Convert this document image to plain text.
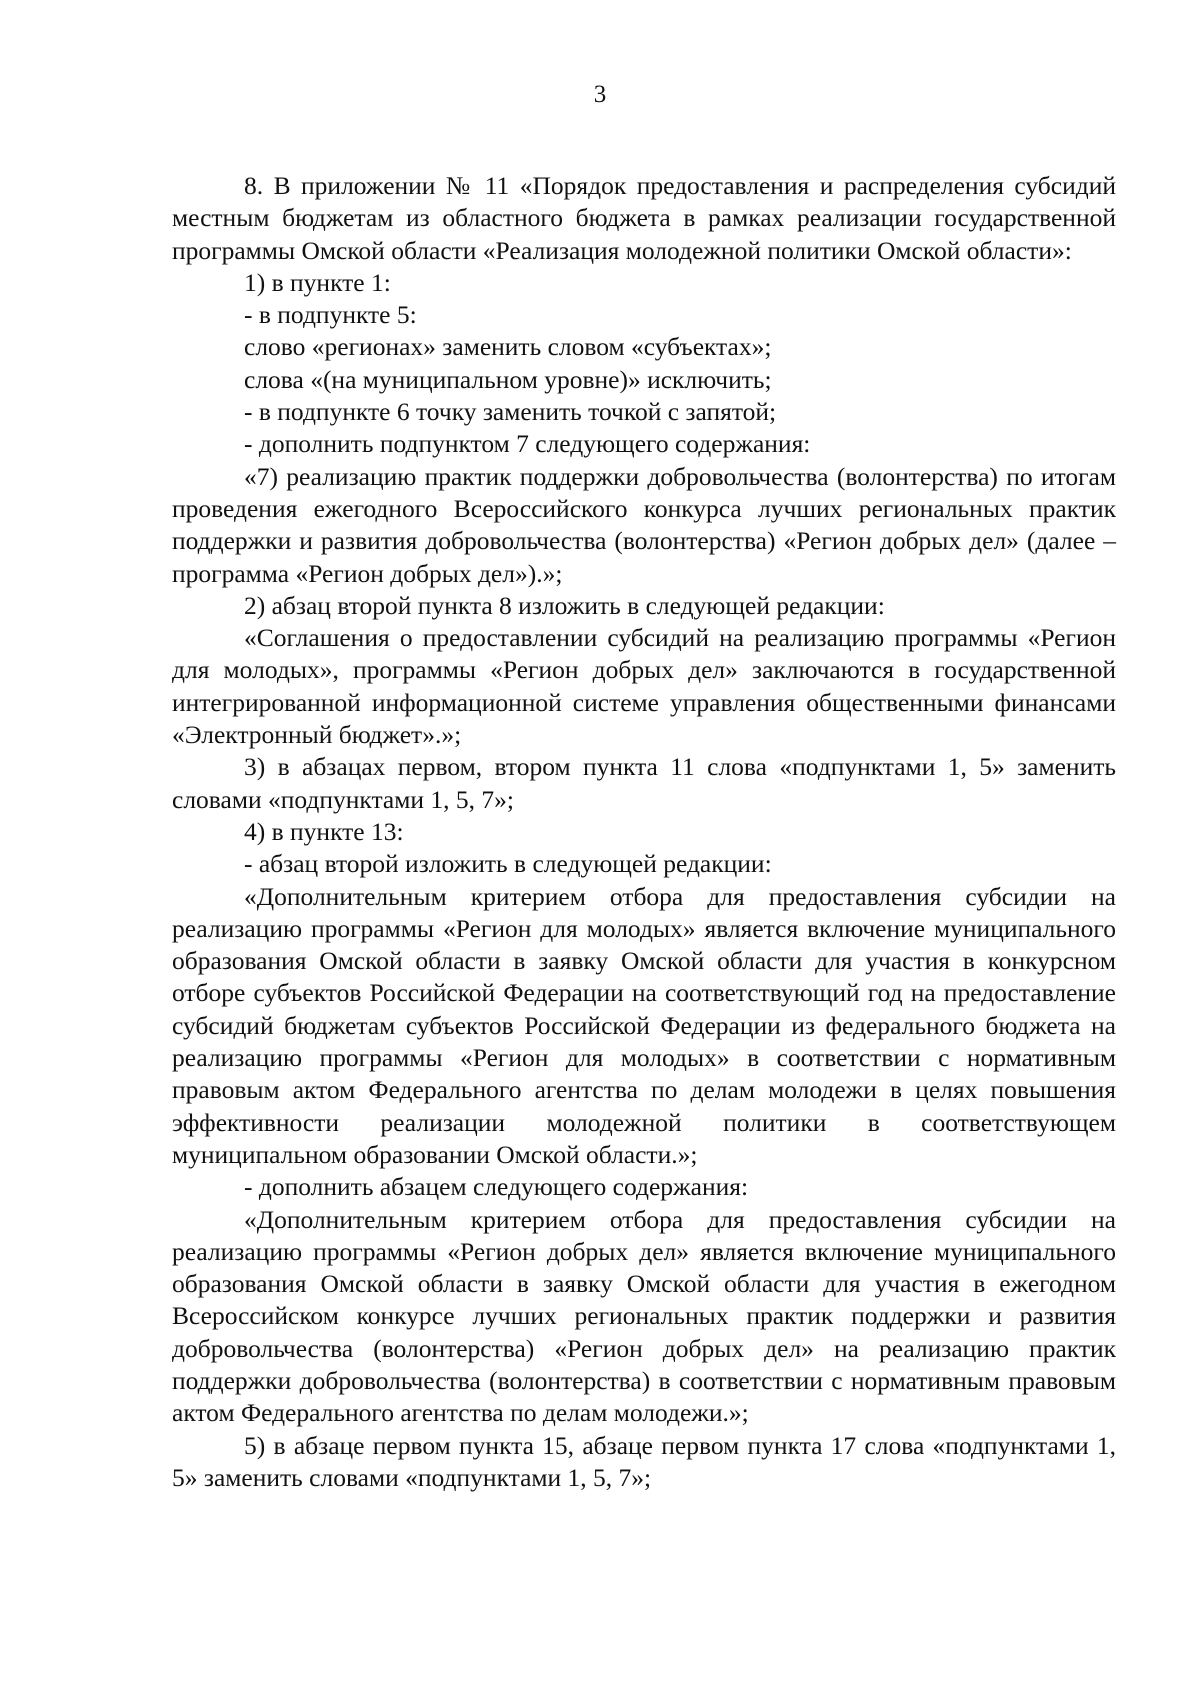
3

8. В приложении № 11 «Порядок предоставления и распределения субсидий местным бюджетам из областного бюджета в рамках реализации государственной программы Омской области «Реализация молодежной политики Омской области»:

1) в пункте 1:

- в подпункте 5:

слово «регионах» заменить словом «субъектах»;

слова «(на муниципальном уровне)» исключить;

- в подпункте 6 точку заменить точкой с запятой;

- дополнить подпунктом 7 следующего содержания:

«7) реализацию практик поддержки добровольчества (волонтерства) по итогам проведения ежегодного Всероссийского конкурса лучших региональных практик поддержки и развития добровольчества (волонтерства) «Регион добрых дел» (далее – программа «Регион добрых дел»).»;

2) абзац второй пункта 8 изложить в следующей редакции:

«Соглашения о предоставлении субсидий на реализацию программы «Регион для молодых», программы «Регион добрых дел» заключаются в государственной интегрированной информационной системе управления общественными финансами «Электронный бюджет».»;

3) в абзацах первом, втором пункта 11 слова «подпунктами 1, 5» заменить словами «подпунктами 1, 5, 7»;

4) в пункте 13:

- абзац второй изложить в следующей редакции:

«Дополнительным критерием отбора для предоставления субсидии на реализацию программы «Регион для молодых» является включение муниципального образования Омской области в заявку Омской области для участия в конкурсном отборе субъектов Российской Федерации на соответствующий год на предоставление субсидий бюджетам субъектов Российской Федерации из федерального бюджета на реализацию программы «Регион для молодых» в соответствии с нормативным правовым актом Федерального агентства по делам молодежи в целях повышения эффективности реализации молодежной политики в соответствующем муниципальном образовании Омской области.»;

- дополнить абзацем следующего содержания:

«Дополнительным критерием отбора для предоставления субсидии на реализацию программы «Регион добрых дел» является включение муниципального образования Омской области в заявку Омской области для участия в ежегодном Всероссийском конкурсе лучших региональных практик поддержки и развития добровольчества (волонтерства) «Регион добрых дел» на реализацию практик поддержки добровольчества (волонтерства) в соответствии с нормативным правовым актом Федерального агентства по делам молодежи.»;

5) в абзаце первом пункта 15, абзаце первом пункта 17 слова «подпунктами 1, 5» заменить словами «подпунктами 1, 5, 7»;
